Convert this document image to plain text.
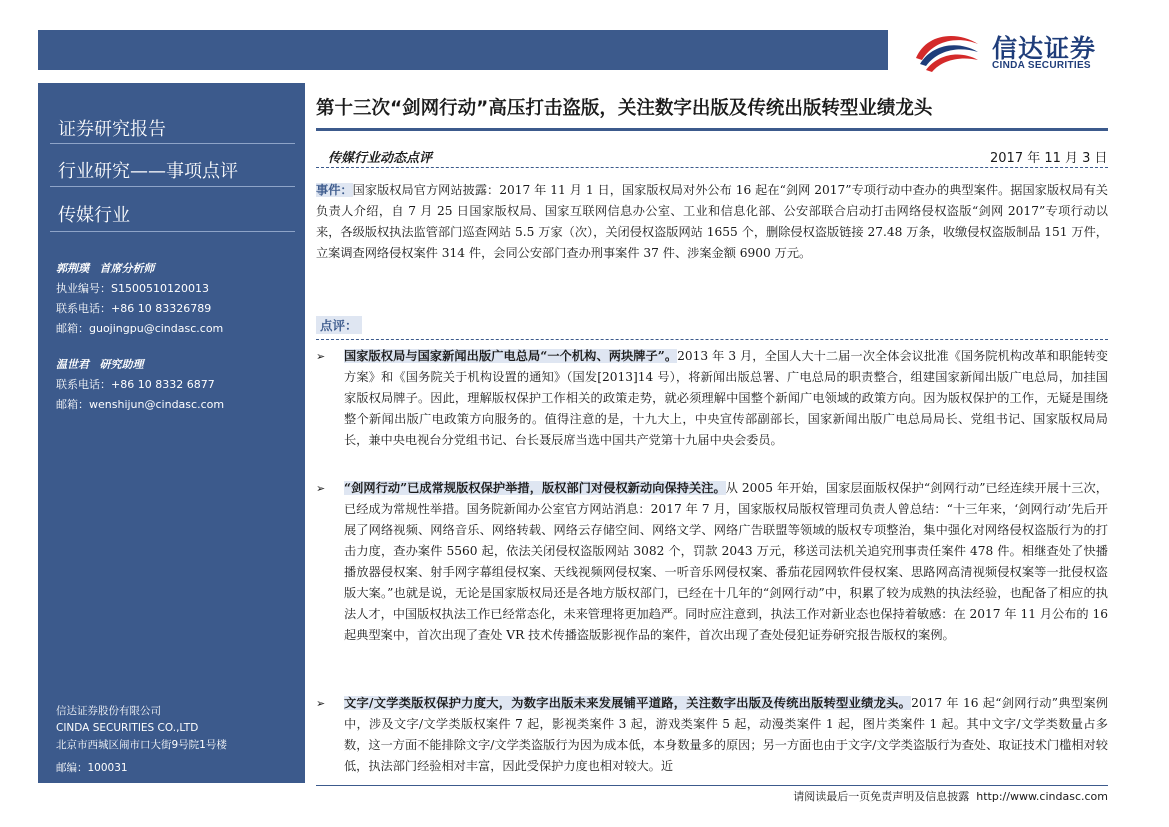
信达证券
CINDA SECURITIES
证券研究报告
行业研究——事项点评
传媒行业
郭荆璞 首席分析师
执业编号：S1500510120013
联系电话：+86 10 83326789
邮箱：guojingpu@cindasc.com
温世君 研究助理
联系电话：+86 10 8332 6877
邮箱：wenshijun@cindasc.com
信达证券股份有限公司
CINDA SECURITIES CO.,LTD
北京市西城区闹市口大街9号院1号楼
邮编：100031
第十三次“剑网行动”高压打击盗版，关注数字出版及传统出版转型业绩龙头
传媒行业动态点评	2017 年 11 月 3 日
事件：国家版权局官方网站披露：2017 年 11 月 1 日，国家版权局对外公布 16 起在“剑网 2017”专项行动中查办的典型案件。据国家版权局有关负责人介绍，自 7 月 25 日国家版权局、国家互联网信息办公室、工业和信息化部、公安部联合启动打击网络侵权盗版“剑网 2017”专项行动以来，各级版权执法监管部门巡查网站 5.5 万家（次），关闭侵权盗版网站 1655 个，删除侵权盗版链接 27.48 万条，收缴侵权盗版制品 151 万件，立案调查网络侵权案件 314 件，会同公安部门查办刑事案件 37 件、涉案金额 6900 万元。
点评：
➢	国家版权局与国家新闻出版广电总局“一个机构、两块牌子”。2013 年 3 月，全国人大十二届一次全体会议批准《国务院机构改革和职能转变方案》和《国务院关于机构设置的通知》（国发[2013]14 号），将新闻出版总署、广电总局的职责整合，组建国家新闻出版广电总局，加挂国家版权局牌子。因此，理解版权保护工作相关的政策走势，就必须理解中国整个新闻广电领域的政策方向。因为版权保护的工作，无疑是围绕整个新闻出版广电政策方向服务的。值得注意的是，十九大上，中央宣传部副部长，国家新闻出版广电总局局长、党组书记、国家版权局局长，兼中央电视台分党组书记、台长聂辰席当选中国共产党第十九届中央会委员。
➢	“剑网行动”已成常规版权保护举措，版权部门对侵权新动向保持关注。从 2005 年开始，国家层面版权保护“剑网行动”已经连续开展十三次，已经成为常规性举措。国务院新闻办公室官方网站消息：2017 年 7 月，国家版权局版权管理司负责人曾总结：“十三年来，‘剑网行动’先后开展了网络视频、网络音乐、网络转载、网络云存储空间、网络文学、网络广告联盟等领域的版权专项整治，集中强化对网络侵权盗版行为的打击力度，查办案件 5560 起，依法关闭侵权盗版网站 3082 个，罚款 2043 万元，移送司法机关追究刑事责任案件 478 件。相继查处了快播播放器侵权案、射手网字幕组侵权案、天线视频网侵权案、一听音乐网侵权案、番茄花园网软件侵权案、思路网高清视频侵权案等一批侵权盗版大案。”也就是说，无论是国家版权局还是各地方版权部门，已经在十几年的“剑网行动”中，积累了较为成熟的执法经验，也配备了相应的执法人才，中国版权执法工作已经常态化，未来管理将更加趋严。同时应注意到，执法工作对新业态也保持着敏感：在 2017 年 11 月公布的 16 起典型案中，首次出现了查处 VR 技术传播盗版影视作品的案件，首次出现了查处侵犯证券研究报告版权的案例。
➢	文字/文学类版权保护力度大，为数字出版未来发展铺平道路，关注数字出版及传统出版转型业绩龙头。2017 年 16 起“剑网行动”典型案例中，涉及文字/文学类版权案件 7 起，影视类案件 3 起，游戏类案件 5 起，动漫类案件 1 起，图片类案件 1 起。其中文字/文学类数量占多数，这一方面不能排除文字/文学类盗版行为因为成本低，本身数量多的原因；另一方面也由于文字/文学类盗版行为查处、取证技术门槛相对较低，执法部门经验相对丰富，因此受保护力度也相对较大。近
请阅读最后一页免责声明及信息披露 http://www.cindasc.com
